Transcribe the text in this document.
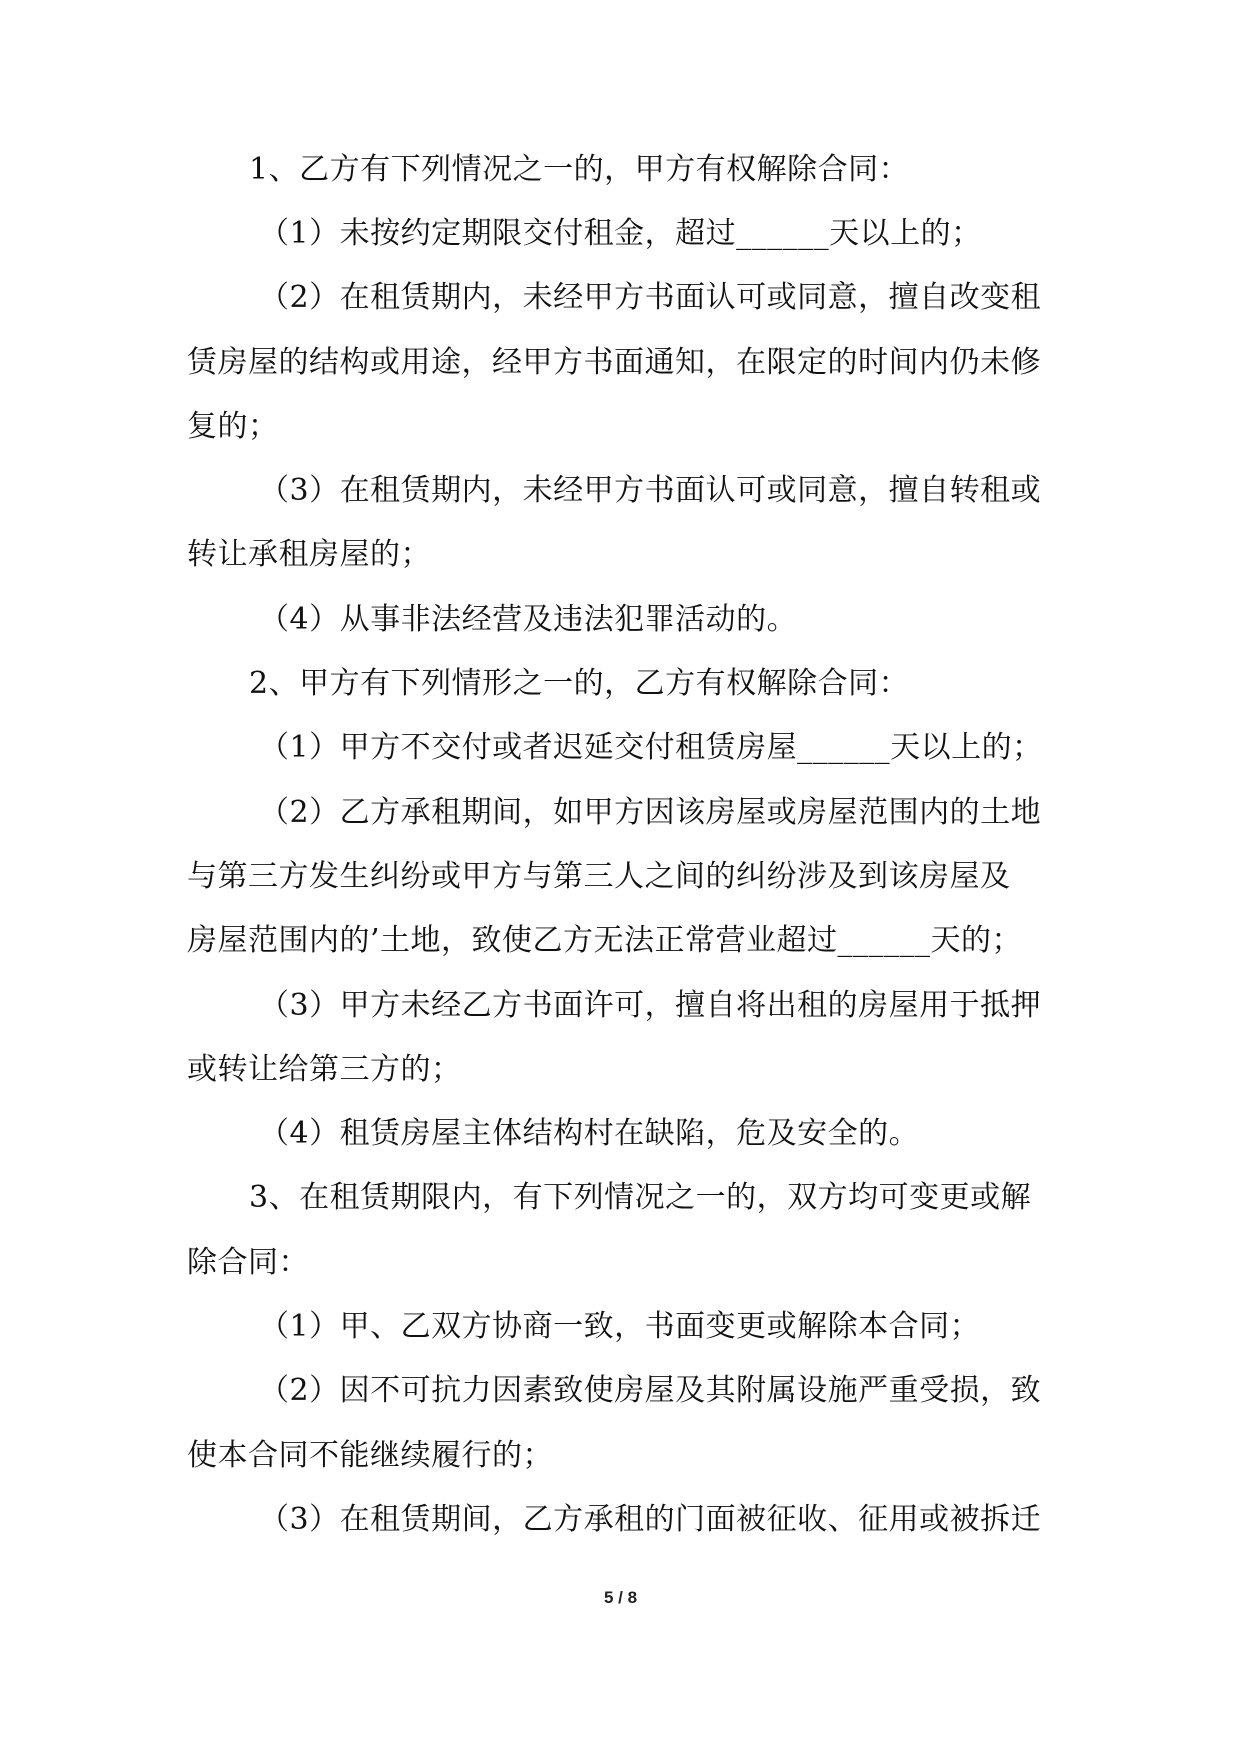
1、乙方有下列情况之一的，甲方有权解除合同：
（1）未按约定期限交付租金，超过______天以上的；
（2）在租赁期内，未经甲方书面认可或同意，擅自改变租
赁房屋的结构或用途，经甲方书面通知，在限定的时间内仍未修
复的；
（3）在租赁期内，未经甲方书面认可或同意，擅自转租或
转让承租房屋的；
（4）从事非法经营及违法犯罪活动的。
2、甲方有下列情形之一的，乙方有权解除合同：
（1）甲方不交付或者迟延交付租赁房屋______天以上的；
（2）乙方承租期间，如甲方因该房屋或房屋范围内的土地
与第三方发生纠纷或甲方与第三人之间的纠纷涉及到该房屋及
房屋范围内的’土地，致使乙方无法正常营业超过______天的；
（3）甲方未经乙方书面许可，擅自将出租的房屋用于抵押
或转让给第三方的；
（4）租赁房屋主体结构村在缺陷，危及安全的。
3、在租赁期限内，有下列情况之一的，双方均可变更或解
除合同：
（1）甲、乙双方协商一致，书面变更或解除本合同；
（2）因不可抗力因素致使房屋及其附属设施严重受损，致
使本合同不能继续履行的；
（3）在租赁期间，乙方承租的门面被征收、征用或被拆迁
5 / 8
